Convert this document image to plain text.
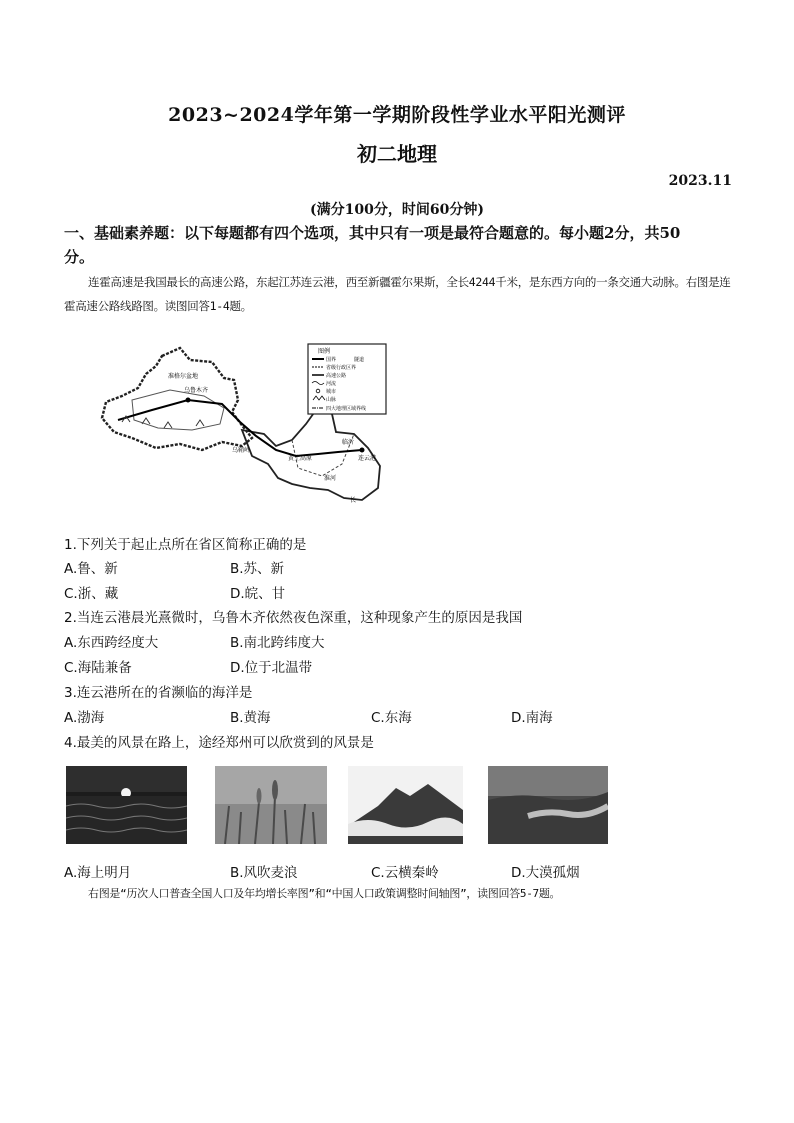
2023~2024学年第一学期阶段性学业水平阳光测评
初二地理
2023.11
(满分100分，时间60分钟)
一、基础素养题：以下每题都有四个选项，其中只有一项是最符合题意的。每小题2分，共50
分。
连霍高速是我国最长的高速公路，东起江苏连云港，西至新疆霍尔果斯，全长4244千米，是东西方向的一条交通大动脉。右图是连霍高速公路线路图。读图回答1-4题。
准格尔盆地
乌鲁木齐
乌鞘岭
黄土高原	连云港
临沂
淮河
长
图例
国界	隧道
省级行政区界
高速公路
河流
城市
山脉
四大地理区域界线
1.下列关于起止点所在省区简称正确的是
A.鲁、新	B.苏、新
C.浙、藏	D.皖、甘
2.当连云港晨光熹微时，乌鲁木齐依然夜色深重，这种现象产生的原因是我国
A.东西跨经度大	B.南北跨纬度大
C.海陆兼备	D.位于北温带
3.连云港所在的省濒临的海洋是
A.渤海	B.黄海	C.东海	D.南海
4.最美的风景在路上，途经郑州可以欣赏到的风景是
A.海上明月	B.风吹麦浪	C.云横秦岭	D.大漠孤烟
右图是“历次人口普查全国人口及年均增长率图”和“中国人口政策调整时间轴图”，读图回答5-7题。
